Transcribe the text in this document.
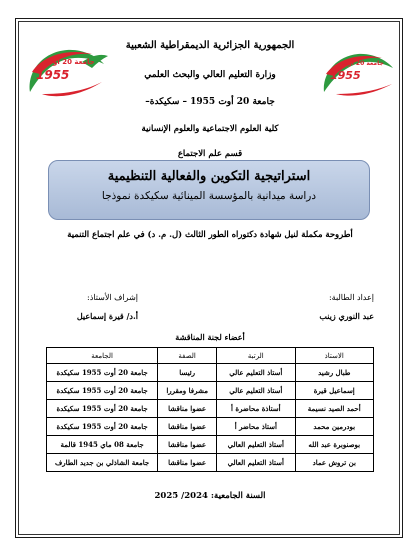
الجمهورية الجزائرية الديمقراطية الشعبية
وزارة التعليم العالي والبحث العلمي
جامعة 20 أوت 1955 – سكيكدة–
كلية العلوم الاجتماعية والعلوم الإنسانية
قسم علم الاجتماع
جامعة 20 أوت
1955
جامعة 20 أوت
1955
استراتيجية التكوين والفعالية التنظيمية
دراسة ميدانية بالمؤسسة المينائية سكيكدة نموذجا
أطروحة مكملة لنيل شهادة دكتوراه الطور الثالث (ل. م. د) في علم اجتماع التنمية
إعداد الطالبة:
عبد النوري زينب
إشراف الأستاذ:
أ.د/ قيرة إسماعيل
أعضاء لجنة المناقشة
الاستاذ	الرتبة	الصفة	الجامعة
طبال رشيد	أستاذ التعليم عالي	رئيسا	جامعة 20 أوت 1955 سكيكدة
إسماعيل قيرة	أستاذ التعليم عالي	مشرفا ومقررا	جامعة 20 أوت 1955 سكيكدة
أحمد الصيد نسيمة	أستاذة محاضرة أ	عضوا مناقشا	جامعة 20 أوت 1955 سكيكدة
بودرمين محمد	أستاذ محاضر أ	عضوا مناقشا	جامعة 20 أوت 1955 سكيكدة
بوصنوبرة عبد الله	أستاذ التعليم العالي	عضوا مناقشا	جامعة 08 ماي 1945 قالمة
بن تروش عماد	أستاذ التعليم العالي	عضوا مناقشا	جامعة الشاذلي بن جديد الطارف
السنة الجامعية: 2024/ 2025
